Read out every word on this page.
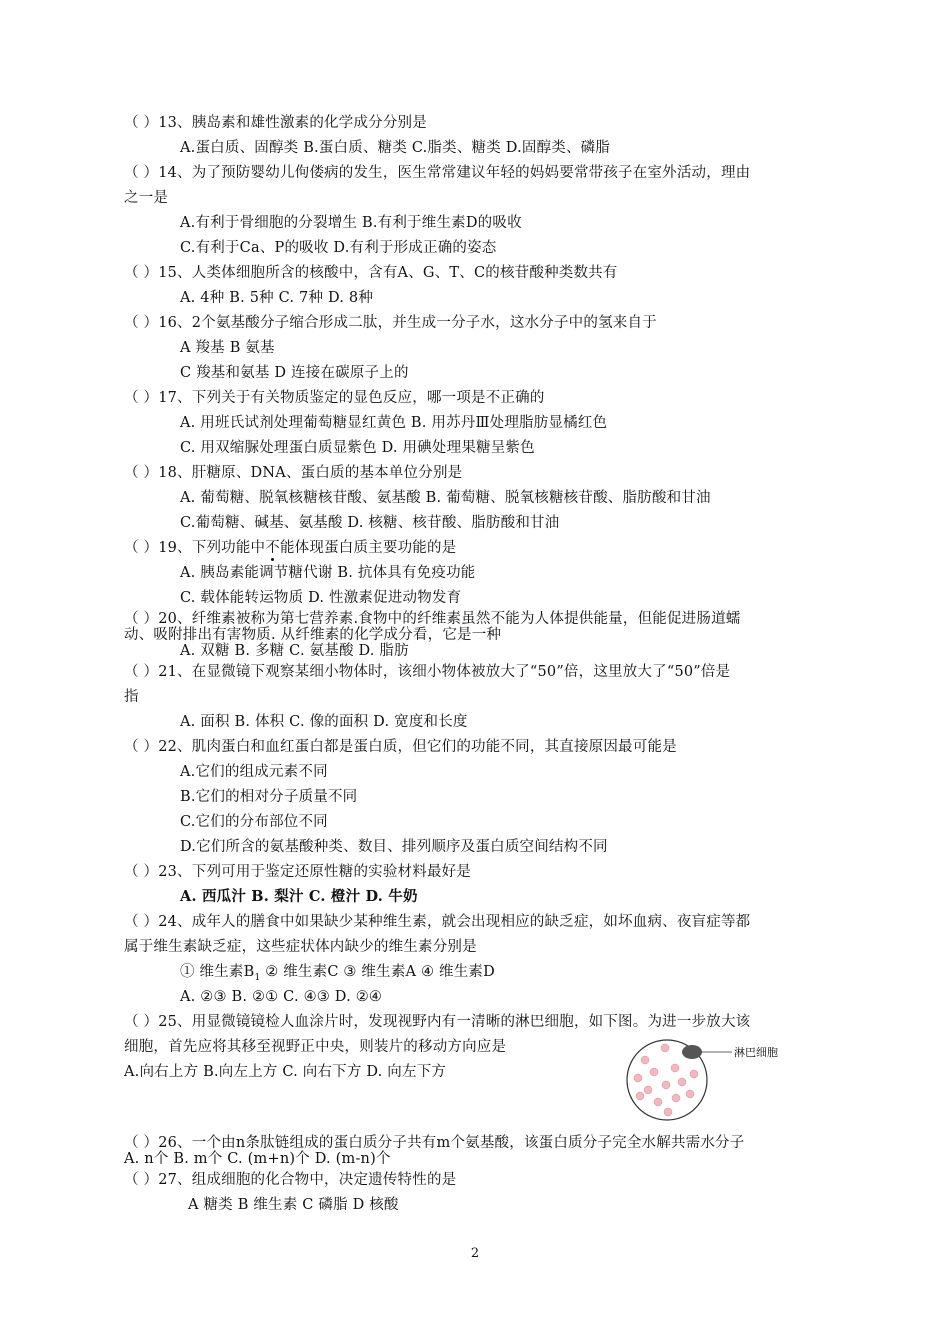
（ ）13、胰岛素和雄性激素的化学成分分别是
A.蛋白质、固醇类 B.蛋白质、糖类 C.脂类、糖类 D.固醇类、磷脂
（ ）14、为了预防婴幼儿佝偻病的发生，医生常常建议年轻的妈妈要常带孩子在室外活动，理由
之一是
A.有利于骨细胞的分裂增生 B.有利于维生素D的吸收
C.有利于Ca、P的吸收 D.有利于形成正确的姿态
（ ）15、人类体细胞所含的核酸中，含有A、G、T、C的核苷酸种类数共有
A. 4种 B. 5种 C. 7种 D. 8种
（ ）16、2个氨基酸分子缩合形成二肽，并生成一分子水，这水分子中的氢来自于
A 羧基 B 氨基
C 羧基和氨基 D 连接在碳原子上的
（ ）17、下列关于有关物质鉴定的显色反应，哪一项是不正确的
A. 用班氏试剂处理葡萄糖显红黄色 B. 用苏丹Ⅲ处理脂肪显橘红色
C. 用双缩脲处理蛋白质显紫色 D. 用碘处理果糖呈紫色
（ ）18、肝糖原、DNA、蛋白质的基本单位分别是
A. 葡萄糖、脱氧核糖核苷酸、氨基酸 B. 葡萄糖、脱氧核糖核苷酸、脂肪酸和甘油
C.葡萄糖、碱基、氨基酸 D. 核糖、核苷酸、脂肪酸和甘油
（ ）19、下列功能中不能体现蛋白质主要功能的是
A. 胰岛素能调节糖代谢 B. 抗体具有免疫功能
C. 载体能转运物质 D. 性激素促进动物发育
（ ）20、纤维素被称为第七营养素.食物中的纤维素虽然不能为人体提供能量，但能促进肠道蠕
动、吸附排出有害物质. 从纤维素的化学成分看，它是一种
A. 双糖 B. 多糖 C. 氨基酸 D. 脂肪
（ ）21、在显微镜下观察某细小物体时，该细小物体被放大了“50”倍，这里放大了“50”倍是
指
A. 面积 B. 体积 C. 像的面积 D. 宽度和长度
（ ）22、肌肉蛋白和血红蛋白都是蛋白质，但它们的功能不同，其直接原因最可能是
A.它们的组成元素不同
B.它们的相对分子质量不同
C.它们的分布部位不同
D.它们所含的氨基酸种类、数目、排列顺序及蛋白质空间结构不同
（ ）23、下列可用于鉴定还原性糖的实验材料最好是
A. 西瓜汁 B. 梨汁 C. 橙汁 D. 牛奶
（ ）24、成年人的膳食中如果缺少某种维生素，就会出现相应的缺乏症，如坏血病、夜盲症等都
属于维生素缺乏症，这些症状体内缺少的维生素分别是
① 维生素$B_1$ ② 维生素C ③ 维生素A ④ 维生素D
A. ②③ B. ②① C. ④③ D. ②④
（ ）25、用显微镜镜检人血涂片时，发现视野内有一清晰的淋巴细胞，如下图。为进一步放大该
细胞，首先应将其移至视野正中央，则装片的移动方向应是
A.向右上方 B.向左上方 C. 向右下方 D. 向左下方
淋巴细胞
（ ）26、一个由n条肽链组成的蛋白质分子共有m个氨基酸，该蛋白质分子完全水解共需水分子
A. n个 B. m个 C. (m+n)个 D. (m-n)个
（ ）27、组成细胞的化合物中，决定遗传特性的是
A 糖类 B 维生素 C 磷脂 D 核酸
2
